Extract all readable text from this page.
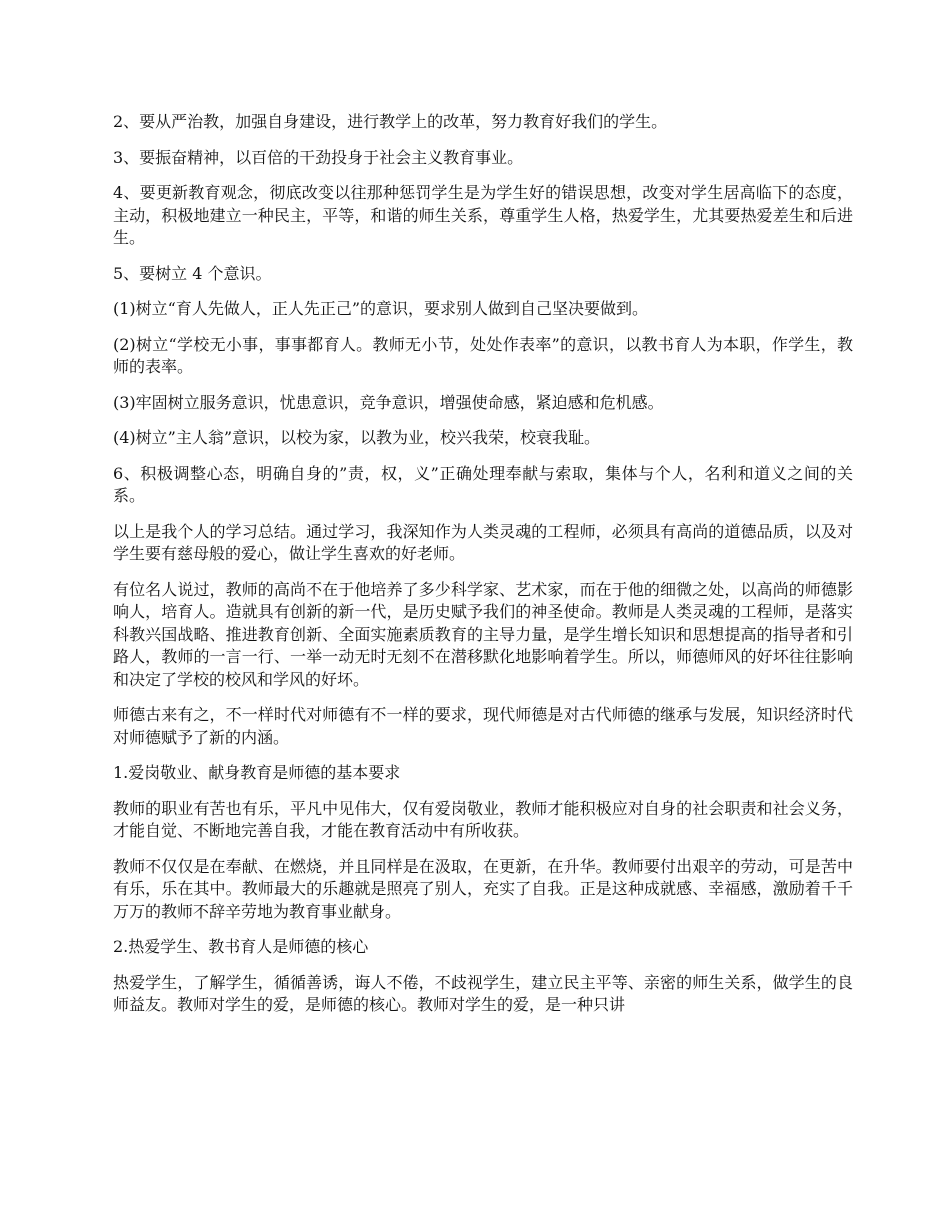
2、要从严治教，加强自身建设，进行教学上的改革，努力教育好我们的学生。

3、要振奋精神，以百倍的干劲投身于社会主义教育事业。

4、要更新教育观念，彻底改变以往那种惩罚学生是为学生好的错误思想，改变对学生居高临下的态度，主动，积极地建立一种民主，平等，和谐的师生关系，尊重学生人格，热爱学生，尤其要热爱差生和后进生。

5、要树立 4 个意识。

(1)树立“育人先做人，正人先正己”的意识，要求别人做到自己坚决要做到。

(2)树立“学校无小事，事事都育人。教师无小节，处处作表率”的意识，以教书育人为本职，作学生，教师的表率。

(3)牢固树立服务意识，忧患意识，竞争意识，增强使命感，紧迫感和危机感。

(4)树立”主人翁”意识，以校为家，以教为业，校兴我荣，校衰我耻。

6、积极调整心态，明确自身的”责，权，义”正确处理奉献与索取，集体与个人，名利和道义之间的关系。

以上是我个人的学习总结。通过学习，我深知作为人类灵魂的工程师，必须具有高尚的道德品质，以及对学生要有慈母般的爱心，做让学生喜欢的好老师。

有位名人说过，教师的高尚不在于他培养了多少科学家、艺术家，而在于他的细微之处，以高尚的师德影响人，培育人。造就具有创新的新一代，是历史赋予我们的神圣使命。教师是人类灵魂的工程师，是落实科教兴国战略、推进教育创新、全面实施素质教育的主导力量，是学生增长知识和思想提高的指导者和引路人，教师的一言一行、一举一动无时无刻不在潜移默化地影响着学生。所以，师德师风的好坏往往影响和决定了学校的校风和学风的好坏。

师德古来有之，不一样时代对师德有不一样的要求，现代师德是对古代师德的继承与发展，知识经济时代对师德赋予了新的内涵。

1.爱岗敬业、献身教育是师德的基本要求

教师的职业有苦也有乐，平凡中见伟大，仅有爱岗敬业，教师才能积极应对自身的社会职责和社会义务，才能自觉、不断地完善自我，才能在教育活动中有所收获。

教师不仅仅是在奉献、在燃烧，并且同样是在汲取，在更新，在升华。教师要付出艰辛的劳动，可是苦中有乐，乐在其中。教师最大的乐趣就是照亮了别人，充实了自我。正是这种成就感、幸福感，激励着千千万万的教师不辞辛劳地为教育事业献身。

2.热爱学生、教书育人是师德的核心

热爱学生，了解学生，循循善诱，诲人不倦，不歧视学生，建立民主平等、亲密的师生关系，做学生的良师益友。教师对学生的爱，是师德的核心。教师对学生的爱，是一种只讲
